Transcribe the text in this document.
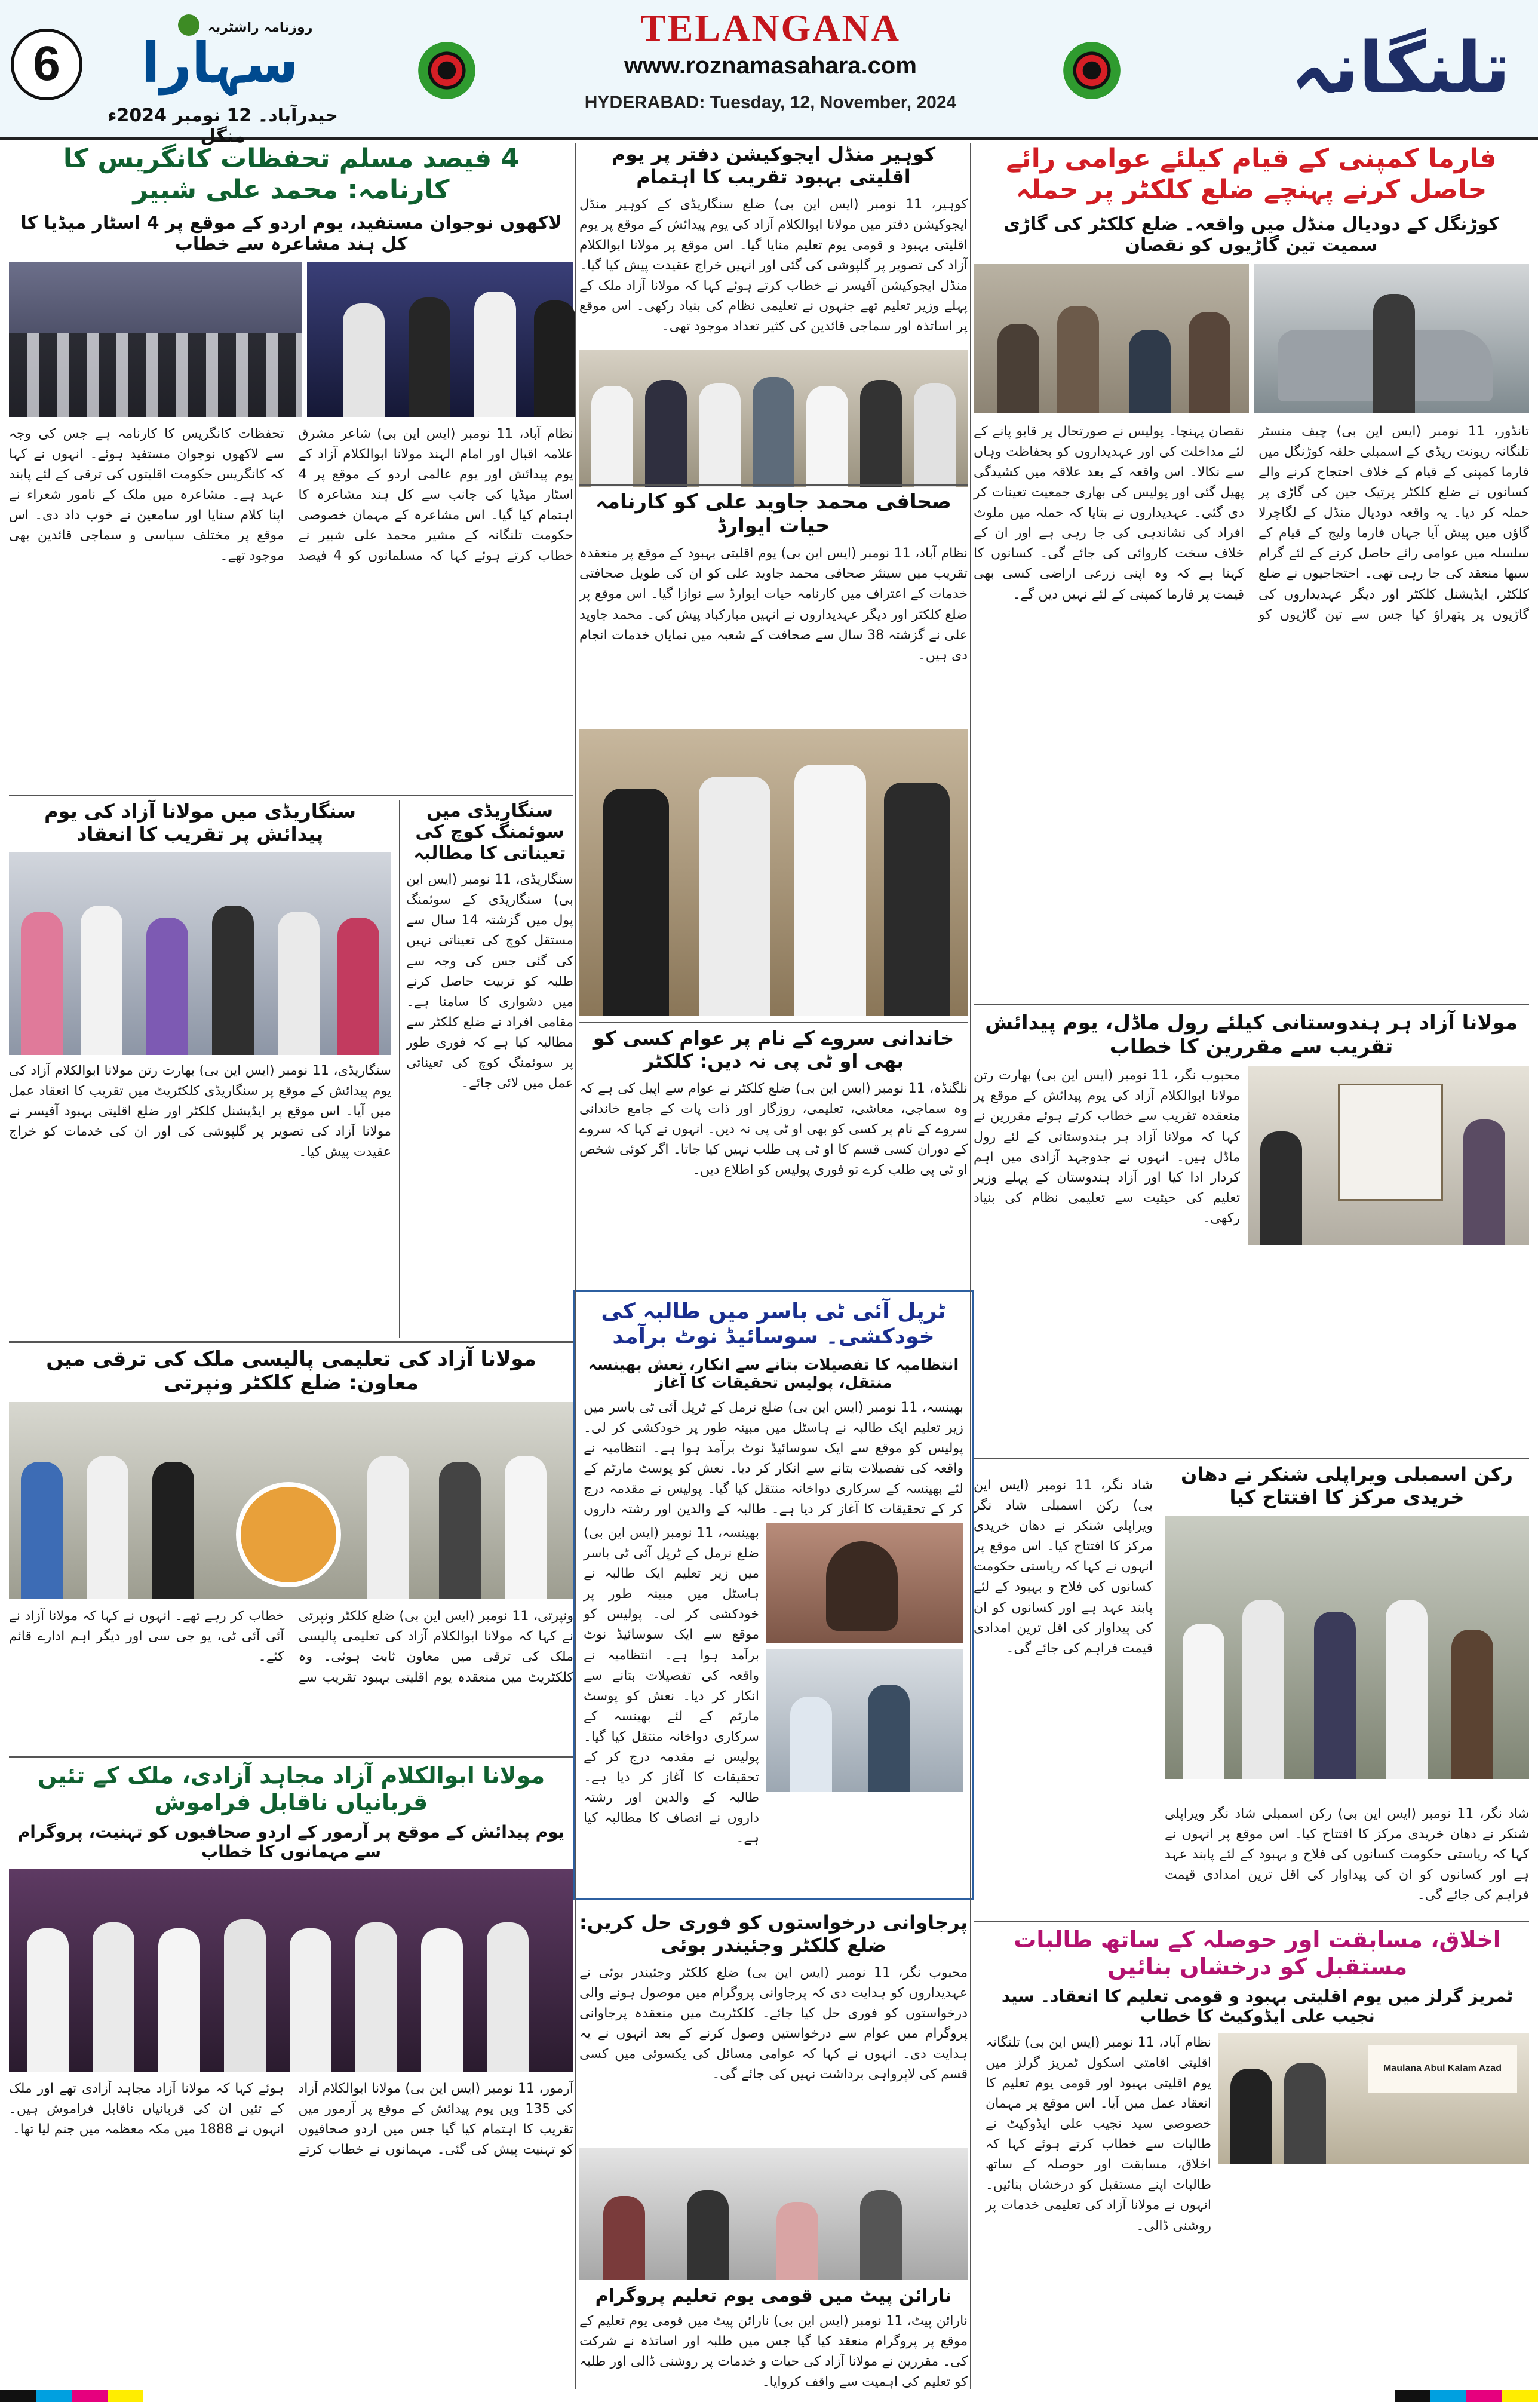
6
روزنامہ راشٹریہ
سہارا
حیدرآباد۔ 12 نومبر 2024ء منگل
TELANGANA
www.roznamasahara.com
HYDERABAD: Tuesday, 12, November, 2024	تلنگانہ
فارما کمپنی کے قیام کیلئے عوامی رائے حاصل کرنے پہنچے ضلع کلکٹر پر حملہ
کوڑنگل کے دودیال منڈل میں واقعہ۔ ضلع کلکٹر کی گاڑی سمیت تین گاڑیوں کو نقصان

تانڈور، 11 نومبر (ایس این بی) چیف منسٹر تلنگانہ ریونت ریڈی کے اسمبلی حلقہ کوڑنگل میں فارما کمپنی کے قیام کے خلاف احتجاج کرنے والے کسانوں نے ضلع کلکٹر پرتیک جین کی گاڑی پر حملہ کر دیا۔ یہ واقعہ دودیال منڈل کے لگاچرلا گاؤں میں پیش آیا جہاں فارما ولیج کے قیام کے سلسلہ میں عوامی رائے حاصل کرنے کے لئے گرام سبھا منعقد کی جا رہی تھی۔ احتجاجیوں نے ضلع کلکٹر، ایڈیشنل کلکٹر اور دیگر عہدیداروں کی گاڑیوں پر پتھراؤ کیا جس سے تین گاڑیوں کو نقصان پہنچا۔ پولیس نے صورتحال پر قابو پانے کے لئے مداخلت کی اور عہدیداروں کو بحفاظت وہاں سے نکالا۔ اس واقعہ کے بعد علاقہ میں کشیدگی پھیل گئی اور پولیس کی بھاری جمعیت تعینات کر دی گئی۔ عہدیداروں نے بتایا کہ حملہ میں ملوث افراد کی نشاندہی کی جا رہی ہے اور ان کے خلاف سخت کاروائی کی جائے گی۔ کسانوں کا کہنا ہے کہ وہ اپنی زرعی اراضی کسی بھی قیمت پر فارما کمپنی کے لئے نہیں دیں گے۔

مولانا آزاد ہر ہندوستانی کیلئے رول ماڈل، یوم پیدائش تقریب سے مقررین کا خطاب

محبوب نگر، 11 نومبر (ایس این بی) بھارت رتن مولانا ابوالکلام آزاد کی یوم پیدائش کے موقع پر منعقدہ تقریب سے خطاب کرتے ہوئے مقررین نے کہا کہ مولانا آزاد ہر ہندوستانی کے لئے رول ماڈل ہیں۔ انہوں نے جدوجہد آزادی میں اہم کردار ادا کیا اور آزاد ہندوستان کے پہلے وزیر تعلیم کی حیثیت سے تعلیمی نظام کی بنیاد رکھی۔

رکن اسمبلی ویراپلی شنکر نے دھان خریدی مرکز کا افتتاح کیا

شاد نگر، 11 نومبر (ایس این بی) رکن اسمبلی شاد نگر ویراپلی شنکر نے دھان خریدی مرکز کا افتتاح کیا۔ اس موقع پر انہوں نے کہا کہ ریاستی حکومت کسانوں کی فلاح و بہبود کے لئے پابند عہد ہے اور کسانوں کو ان کی پیداوار کی اقل ترین امدادی قیمت فراہم کی جائے گی۔

شاد نگر، 11 نومبر (ایس این بی) رکن اسمبلی شاد نگر ویراپلی شنکر نے دھان خریدی مرکز کا افتتاح کیا۔ اس موقع پر انہوں نے کہا کہ ریاستی حکومت کسانوں کی فلاح و بہبود کے لئے پابند عہد ہے اور کسانوں کو ان کی پیداوار کی اقل ترین امدادی قیمت فراہم کی جائے گی۔

اخلاق، مسابقت اور حوصلہ کے ساتھ طالبات مستقبل کو درخشاں بنائیں
ٹمریز گرلز میں یوم اقلیتی بہبود و قومی تعلیم کا انعقاد۔ سید نجیب علی ایڈوکیٹ کا خطاب

نظام آباد، 11 نومبر (ایس این بی) تلنگانہ اقلیتی اقامتی اسکول ٹمریز گرلز میں یوم اقلیتی بہبود اور قومی یوم تعلیم کا انعقاد عمل میں آیا۔ اس موقع پر مہمان خصوصی سید نجیب علی ایڈوکیٹ نے طالبات سے خطاب کرتے ہوئے کہا کہ اخلاق، مسابقت اور حوصلہ کے ساتھ طالبات اپنے مستقبل کو درخشاں بنائیں۔ انہوں نے مولانا آزاد کی تعلیمی خدمات پر روشنی ڈالی۔

Maulana Abul Kalam Azad
کوہیر منڈل ایجوکیشن دفتر پر یوم اقلیتی بہبود تقریب کا اہتمام

کوہیر، 11 نومبر (ایس این بی) ضلع سنگاریڈی کے کوہیر منڈل ایجوکیشن دفتر میں مولانا ابوالکلام آزاد کی یوم پیدائش کے موقع پر یوم اقلیتی بہبود و قومی یوم تعلیم منایا گیا۔ اس موقع پر مولانا ابوالکلام آزاد کی تصویر پر گلپوشی کی گئی اور انہیں خراج عقیدت پیش کیا گیا۔ منڈل ایجوکیشن آفیسر نے خطاب کرتے ہوئے کہا کہ مولانا آزاد ملک کے پہلے وزیر تعلیم تھے جنہوں نے تعلیمی نظام کی بنیاد رکھی۔ اس موقع پر اساتذہ اور سماجی قائدین کی کثیر تعداد موجود تھی۔

صحافی محمد جاوید علی کو کارنامہ حیات ایوارڈ

نظام آباد، 11 نومبر (ایس این بی) یوم اقلیتی بہبود کے موقع پر منعقدہ تقریب میں سینئر صحافی محمد جاوید علی کو ان کی طویل صحافتی خدمات کے اعتراف میں کارنامہ حیات ایوارڈ سے نوازا گیا۔ اس موقع پر ضلع کلکٹر اور دیگر عہدیداروں نے انہیں مبارکباد پیش کی۔ محمد جاوید علی نے گزشتہ 38 سال سے صحافت کے شعبہ میں نمایاں خدمات انجام دی ہیں۔

خاندانی سروے کے نام پر عوام کسی کو بھی او ٹی پی نہ دیں: کلکٹر

نلگنڈہ، 11 نومبر (ایس این بی) ضلع کلکٹر نے عوام سے اپیل کی ہے کہ وہ سماجی، معاشی، تعلیمی، روزگار اور ذات پات کے جامع خاندانی سروے کے نام پر کسی کو بھی او ٹی پی نہ دیں۔ انہوں نے کہا کہ سروے کے دوران کسی قسم کا او ٹی پی طلب نہیں کیا جاتا۔ اگر کوئی شخص او ٹی پی طلب کرے تو فوری پولیس کو اطلاع دیں۔

ٹرپل آئی ٹی باسر میں طالبہ کی خودکشی۔ سوسائیڈ نوٹ برآمد
انتظامیہ کا تفصیلات بتانے سے انکار، نعش بھینسہ منتقل، پولیس تحقیقات کا آغاز

بھینسہ، 11 نومبر (ایس این بی) ضلع نرمل کے ٹرپل آئی ٹی باسر میں زیر تعلیم ایک طالبہ نے ہاسٹل میں مبینہ طور پر خودکشی کر لی۔ پولیس کو موقع سے ایک سوسائیڈ نوٹ برآمد ہوا ہے۔ انتظامیہ نے واقعہ کی تفصیلات بتانے سے انکار کر دیا۔ نعش کو پوسٹ مارٹم کے لئے بھینسہ کے سرکاری دواخانہ منتقل کیا گیا۔ پولیس نے مقدمہ درج کر کے تحقیقات کا آغاز کر دیا ہے۔ طالبہ کے والدین اور رشتہ داروں

بھینسہ، 11 نومبر (ایس این بی) ضلع نرمل کے ٹرپل آئی ٹی باسر میں زیر تعلیم ایک طالبہ نے ہاسٹل میں مبینہ طور پر خودکشی کر لی۔ پولیس کو موقع سے ایک سوسائیڈ نوٹ برآمد ہوا ہے۔ انتظامیہ نے واقعہ کی تفصیلات بتانے سے انکار کر دیا۔ نعش کو پوسٹ مارٹم کے لئے بھینسہ کے سرکاری دواخانہ منتقل کیا گیا۔ پولیس نے مقدمہ درج کر کے تحقیقات کا آغاز کر دیا ہے۔ طالبہ کے والدین اور رشتہ داروں نے انصاف کا مطالبہ کیا ہے۔

پرجاوانی درخواستوں کو فوری حل کریں: ضلع کلکٹر وجئیندر بوئی

محبوب نگر، 11 نومبر (ایس این بی) ضلع کلکٹر وجئیندر بوئی نے عہدیداروں کو ہدایت دی کہ پرجاوانی پروگرام میں موصول ہونے والی درخواستوں کو فوری حل کیا جائے۔ کلکٹریٹ میں منعقدہ پرجاوانی پروگرام میں عوام سے درخواستیں وصول کرنے کے بعد انہوں نے یہ ہدایت دی۔ انہوں نے کہا کہ عوامی مسائل کی یکسوئی میں کسی قسم کی لاپرواہی برداشت نہیں کی جائے گی۔

نارائن پیٹ میں قومی یوم تعلیم پروگرام

نارائن پیٹ، 11 نومبر (ایس این بی) نارائن پیٹ میں قومی یوم تعلیم کے موقع پر پروگرام منعقد کیا گیا جس میں طلبہ اور اساتذہ نے شرکت کی۔ مقررین نے مولانا آزاد کی حیات و خدمات پر روشنی ڈالی اور طلبہ کو تعلیم کی اہمیت سے واقف کروایا۔

4 فیصد مسلم تحفظات کانگریس کا کارنامہ: محمد علی شبیر
لاکھوں نوجوان مستفید، یوم اردو کے موقع پر 4 اسٹار میڈیا کا کل ہند مشاعرہ سے خطاب

نظام آباد، 11 نومبر (ایس این بی) شاعر مشرق علامہ اقبال اور امام الہند مولانا ابوالکلام آزاد کے یوم پیدائش اور یوم عالمی اردو کے موقع پر 4 اسٹار میڈیا کی جانب سے کل ہند مشاعرہ کا اہتمام کیا گیا۔ اس مشاعرہ کے مہمان خصوصی حکومت تلنگانہ کے مشیر محمد علی شبیر نے خطاب کرتے ہوئے کہا کہ مسلمانوں کو 4 فیصد تحفظات کانگریس کا کارنامہ ہے جس کی وجہ سے لاکھوں نوجوان مستفید ہوئے۔ انہوں نے کہا کہ کانگریس حکومت اقلیتوں کی ترقی کے لئے پابند عہد ہے۔ مشاعرہ میں ملک کے نامور شعراء نے اپنا کلام سنایا اور سامعین نے خوب داد دی۔ اس موقع پر مختلف سیاسی و سماجی قائدین بھی موجود تھے۔

سنگاریڈی میں سوئمنگ کوچ کی تعیناتی کا مطالبہ

سنگاریڈی، 11 نومبر (ایس این بی) سنگاریڈی کے سوئمنگ پول میں گزشتہ 14 سال سے مستقل کوچ کی تعیناتی نہیں کی گئی جس کی وجہ سے طلبہ کو تربیت حاصل کرنے میں دشواری کا سامنا ہے۔ مقامی افراد نے ضلع کلکٹر سے مطالبہ کیا ہے کہ فوری طور پر سوئمنگ کوچ کی تعیناتی عمل میں لائی جائے۔

سنگاریڈی میں مولانا آزاد کی یوم پیدائش پر تقریب کا انعقاد

سنگاریڈی، 11 نومبر (ایس این بی) بھارت رتن مولانا ابوالکلام آزاد کی یوم پیدائش کے موقع پر سنگاریڈی کلکٹریٹ میں تقریب کا انعقاد عمل میں آیا۔ اس موقع پر ایڈیشنل کلکٹر اور ضلع اقلیتی بہبود آفیسر نے مولانا آزاد کی تصویر پر گلپوشی کی اور ان کی خدمات کو خراج عقیدت پیش کیا۔

مولانا آزاد کی تعلیمی پالیسی ملک کی ترقی میں معاون: ضلع کلکٹر ونپرتی

ونپرتی، 11 نومبر (ایس این بی) ضلع کلکٹر ونپرتی نے کہا کہ مولانا ابوالکلام آزاد کی تعلیمی پالیسی ملک کی ترقی میں معاون ثابت ہوئی۔ وہ کلکٹریٹ میں منعقدہ یوم اقلیتی بہبود تقریب سے خطاب کر رہے تھے۔ انہوں نے کہا کہ مولانا آزاد نے آئی آئی ٹی، یو جی سی اور دیگر اہم ادارے قائم کئے۔

مولانا ابوالکلام آزاد مجاہد آزادی، ملک کے تئیں قربانیاں ناقابل فراموش
یوم پیدائش کے موقع پر آرمور کے اردو صحافیوں کو تہنیت، پروگرام سے مہمانوں کا خطاب

آرمور، 11 نومبر (ایس این بی) مولانا ابوالکلام آزاد کی 135 ویں یوم پیدائش کے موقع پر آرمور میں تقریب کا اہتمام کیا گیا جس میں اردو صحافیوں کو تہنیت پیش کی گئی۔ مہمانوں نے خطاب کرتے ہوئے کہا کہ مولانا آزاد مجاہد آزادی تھے اور ملک کے تئیں ان کی قربانیاں ناقابل فراموش ہیں۔ انہوں نے 1888 میں مکہ معظمہ میں جنم لیا تھا۔
